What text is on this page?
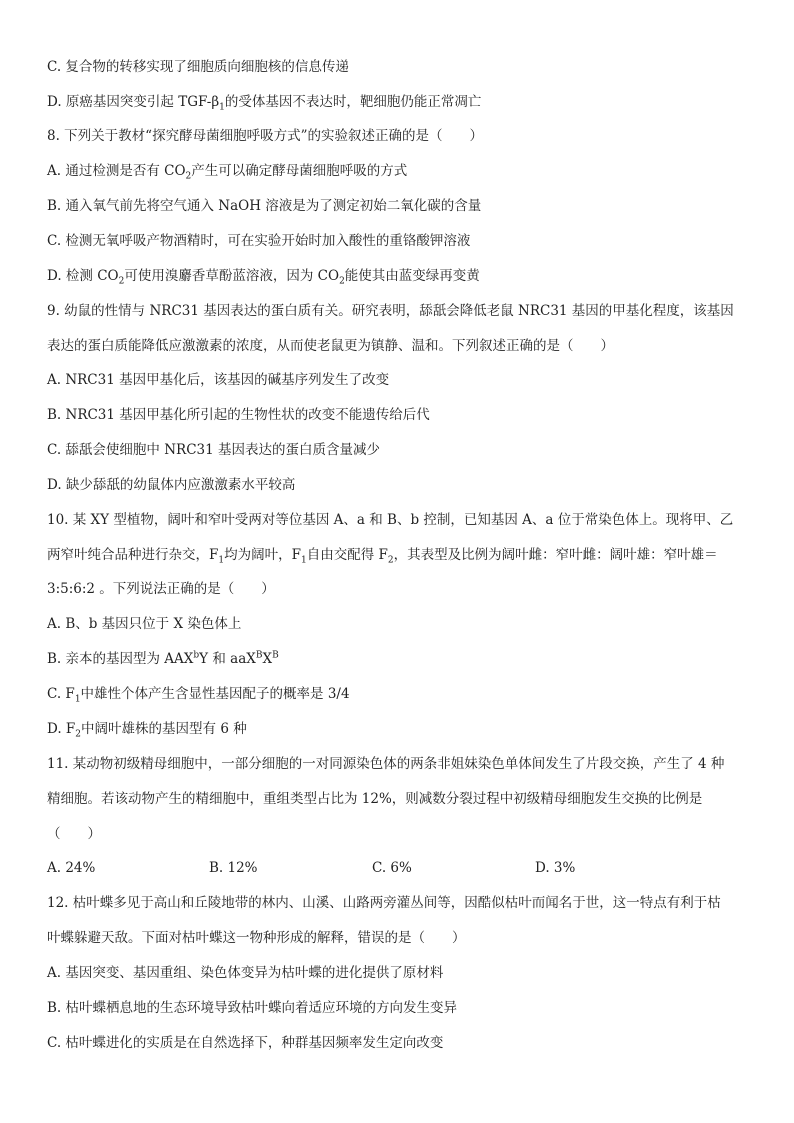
C. 复合物的转移实现了细胞质向细胞核的信息传递
D. 原癌基因突变引起 TGF-$\beta_1$的受体基因不表达时，靶细胞仍能正常凋亡
8. 下列关于教材“探究酵母菌细胞呼吸方式”的实验叙述正确的是（　　）
A. 通过检测是否有 $CO_2$产生可以确定酵母菌细胞呼吸的方式
B. 通入氧气前先将空气通入 NaOH 溶液是为了测定初始二氧化碳的含量
C. 检测无氧呼吸产物酒精时，可在实验开始时加入酸性的重铬酸钾溶液
D. 检测 $CO_2$可使用溴麝香草酚蓝溶液，因为 $CO_2$能使其由蓝变绿再变黄
9. 幼鼠的性情与 NRC31 基因表达的蛋白质有关。研究表明，舔舐会降低老鼠 NRC31 基因的甲基化程度，该基因
表达的蛋白质能降低应激激素的浓度，从而使老鼠更为镇静、温和。下列叙述正确的是（　　）
A. NRC31 基因甲基化后，该基因的碱基序列发生了改变
B. NRC31 基因甲基化所引起的生物性状的改变不能遗传给后代
C. 舔舐会使细胞中 NRC31 基因表达的蛋白质含量减少
D. 缺少舔舐的幼鼠体内应激激素水平较高
10. 某 XY 型植物，阔叶和窄叶受两对等位基因 A、a 和 B、b 控制，已知基因 A、a 位于常染色体上。现将甲、乙
两窄叶纯合品种进行杂交，$F_1$均为阔叶，$F_1$自由交配得 $F_2$，其表型及比例为阔叶雌：窄叶雌：阔叶雄：窄叶雄＝
3:5:6:2 。下列说法正确的是（　　）
A. B、b 基因只位于 X 染色体上
B. 亲本的基因型为 AAX$^b$Y 和 $aaX^BX^B$
C. $F_1$中雄性个体产生含显性基因配子的概率是 3/4
D. $F_2$中阔叶雄株的基因型有 6 种
11. 某动物初级精母细胞中，一部分细胞的一对同源染色体的两条非姐妹染色单体间发生了片段交换，产生了 4 种
精细胞。若该动物产生的精细胞中，重组类型占比为 12%，则减数分裂过程中初级精母细胞发生交换的比例是
（　　）
A. 24%	B. 12%	C. 6%	D. 3%
12. 枯叶蝶多见于高山和丘陵地带的林内、山溪、山路两旁灌丛间等，因酷似枯叶而闻名于世，这一特点有利于枯
叶蝶躲避天敌。下面对枯叶蝶这一物种形成的解释，错误的是（　　）
A. 基因突变、基因重组、染色体变异为枯叶蝶的进化提供了原材料
B. 枯叶蝶栖息地的生态环境导致枯叶蝶向着适应环境的方向发生变异
C. 枯叶蝶进化的实质是在自然选择下，种群基因频率发生定向改变
